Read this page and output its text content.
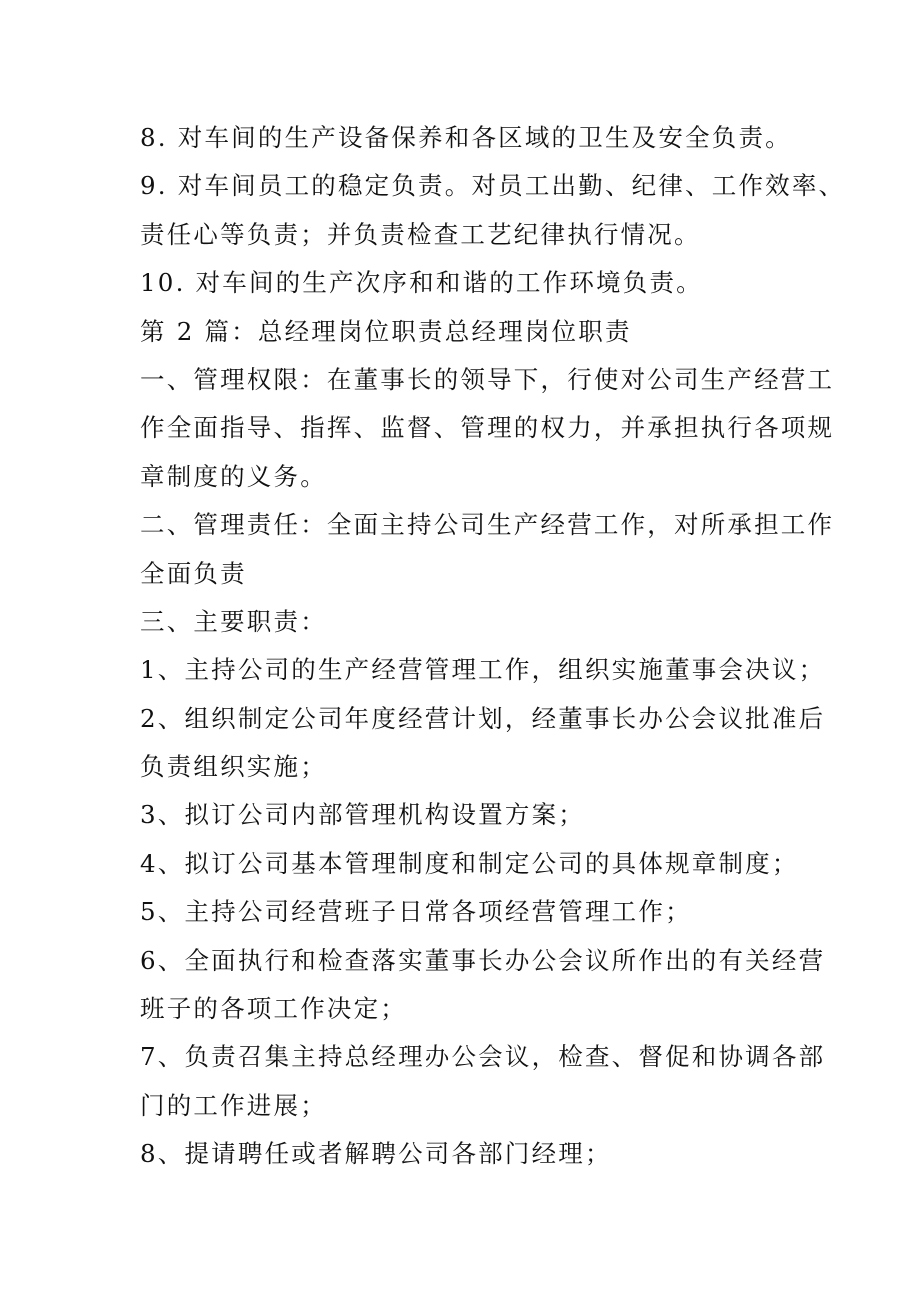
8. 对车间的生产设备保养和各区域的卫生及安全负责。
9. 对车间员工的稳定负责。对员工出勤、纪律、工作效率、
责任心等负责；并负责检查工艺纪律执行情况。
10. 对车间的生产次序和和谐的工作环境负责。
第 2 篇：总经理岗位职责总经理岗位职责
一、管理权限：在董事长的领导下，行使对公司生产经营工
作全面指导、指挥、监督、管理的权力，并承担执行各项规
章制度的义务。
二、管理责任：全面主持公司生产经营工作，对所承担工作
全面负责
三、主要职责：
1、主持公司的生产经营管理工作，组织实施董事会决议；
2、组织制定公司年度经营计划，经董事长办公会议批准后
负责组织实施；
3、拟订公司内部管理机构设置方案；
4、拟订公司基本管理制度和制定公司的具体规章制度；
5、主持公司经营班子日常各项经营管理工作；
6、全面执行和检查落实董事长办公会议所作出的有关经营
班子的各项工作决定；
7、负责召集主持总经理办公会议，检查、督促和协调各部
门的工作进展；
8、提请聘任或者解聘公司各部门经理；
